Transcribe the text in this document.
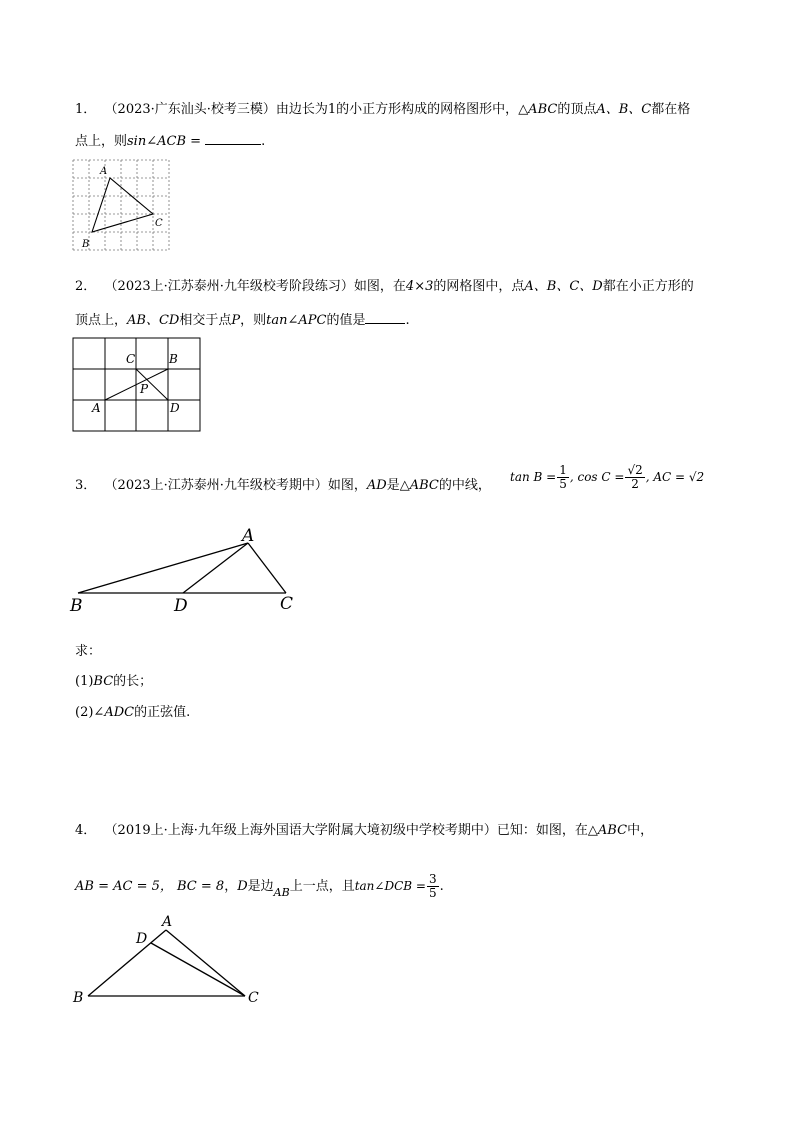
1． （2023·广东汕头·校考三模）由边长为1的小正方形构成的网格图形中，△ABC的顶点A、B、C都在格
点上，则sin∠ACB =	.
A
B
C
2． （2023上·江苏泰州·九年级校考阶段练习）如图，在4×3的网格图中，点A、B、C、D都在小正方形的
顶点上，AB、CD相交于点P，则tan∠APC的值是	.
A
B
C
D
P
3． （2023上·江苏泰州·九年级校考期中）如图，AD是△ABC的中线，
$\tan B = \frac{1}{5}$ , $\cos C = \frac{√2}{2}$ , AC = √2
A
B	D	C
求：
(1)BC的长；
(2)∠ADC的正弦值.
4． （2019上·上海·九年级上海外国语大学附属大境初级中学校考期中）已知：如图，在△ABC中，
AB = AC = 5， BC = 8，D是边$_{AB}$上一点，且tan∠DCB = $\frac{3}{5}$ .
A
D
B	C
